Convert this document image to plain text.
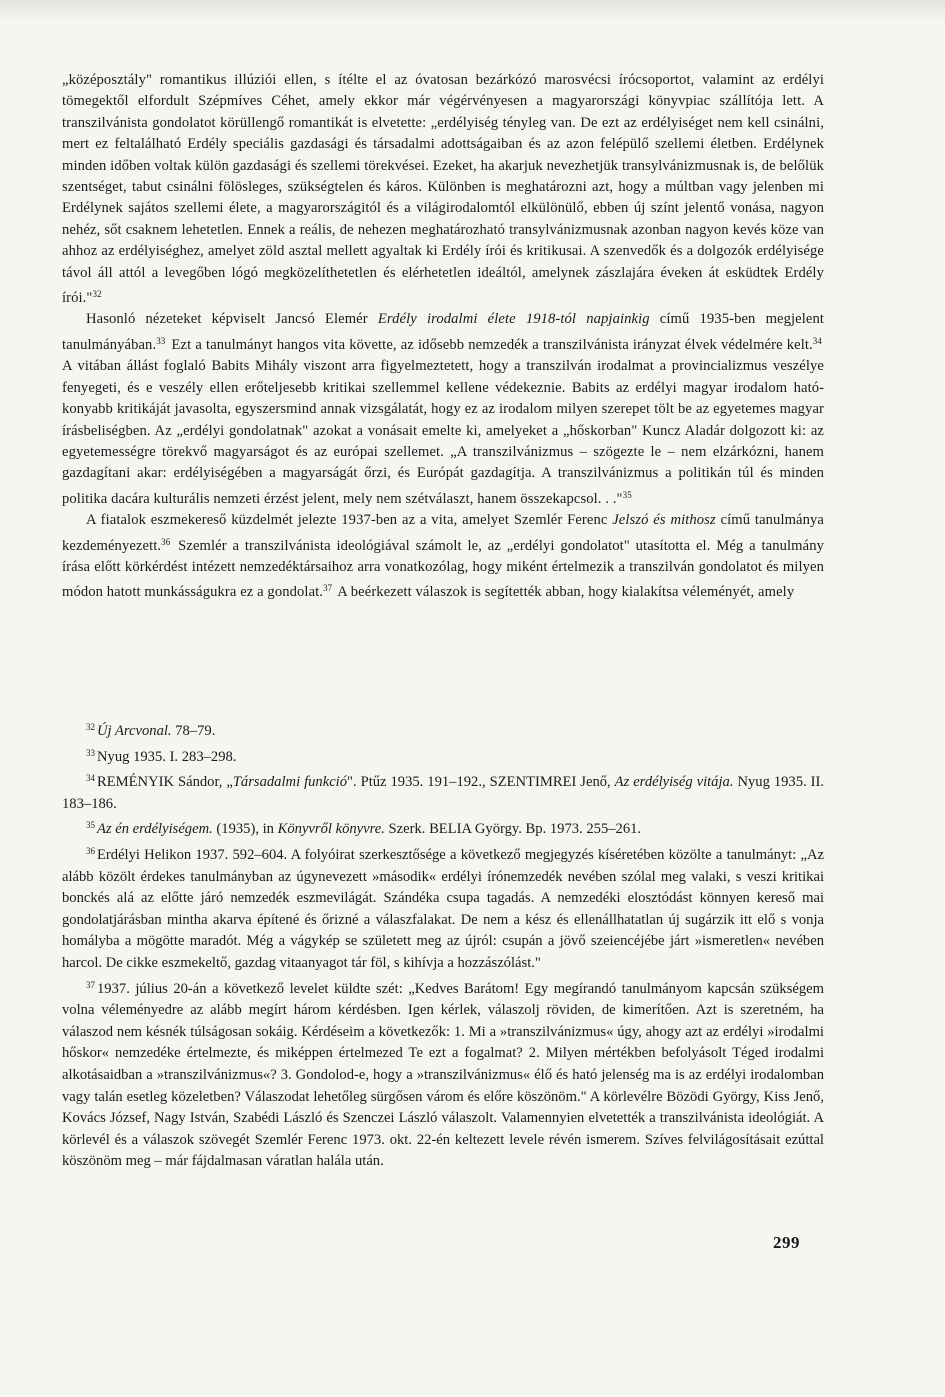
„középosztály" romantikus illúziói ellen, s ítélte el az óvatosan bezárkózó marosvécsi írócsoportot, valamint az erdélyi tömegektől elfordult Szépmíves Céhet, amely ekkor már végérvényesen a magyarországi könyvpiac szállítója lett. A transzilvánista gondolatot körüllengő romantikát is elvetette: „erdélyiség tényleg van. De ezt az erdélyiséget nem kell csinálni, mert ez feltalálható Erdély speciális gazdasági és társadalmi adottságaiban és az azon felépülő szellemi életben. Erdélynek minden időben voltak külön gazdasági és szellemi törekvései. Ezeket, ha akarjuk nevezhetjük transylvánizmusnak is, de belőlük szentséget, tabut csinálni fölösleges, szükségtelen és káros. Különben is meghatározni azt, hogy a múltban vagy jelenben mi Erdélynek sajátos szellemi élete, a magyarországitól és a világirodalomtól elkülönülő, ebben új színt jelentő vonása, nagyon nehéz, sőt csaknem lehetetlen. Ennek a reális, de nehezen meghatározható transylvánizmusnak azonban nagyon kevés köze van ahhoz az erdélyiséghez, amelyet zöld asztal mellett agyaltak ki Erdély írói és kritikusai. A szenvedők és a dolgozók erdélyisége távol áll attól a levegőben lógó megközelíthetetlen és elérhetetlen ideáltól, amelynek zászlajára éveken át esküdtek Erdély írói."$^{32}$

Hasonló nézeteket képviselt Jancsó Elemér Erdély irodalmi élete 1918-tól napjainkig című 1935-ben megjelent tanulmányában.$^{33}$ Ezt a tanulmányt hangos vita követte, az idősebb nemzedék a transzilvánista irányzat élvek védelmére kelt.$^{34}$ A vitában állást foglaló Babits Mihály viszont arra figyelmeztetett, hogy a transzilván irodalmat a provincializmus veszélye fenyegeti, és e veszély ellen erőteljesebb kritikai szellemmel kellene védekeznie. Babits az erdélyi magyar irodalom hatókonyabb kritikáját javasolta, egyszersmind annak vizsgálatát, hogy ez az irodalom milyen szerepet tölt be az egyetemes magyar írásbeliségben. Az „erdélyi gondolatnak" azokat a vonásait emelte ki, amelyeket a „hőskorban" Kuncz Aladár dolgozott ki: az egyetemességre törekvő magyarságot és az európai szellemet. „A transzilvánizmus – szögezte le – nem elzárkózni, hanem gazdagítani akar: erdélyiségében a magyarságát őrzi, és Európát gazdagítja. A transzilvánizmus a politikán túl és minden politika dacára kulturális nemzeti érzést jelent, mely nem szétválaszt, hanem összekapcsol. . ."$^{35}$

A fiatalok eszmekereső küzdelmét jelezte 1937-ben az a vita, amelyet Szemlér Ferenc Jelszó és mithosz című tanulmánya kezdeményezett.$^{36}$ Szemlér a transzilvánista ideológiával számolt le, az „erdélyi gondolatot" utasította el. Még a tanulmány írása előtt körkérdést intézett nemzedéktársaihoz arra vonatkozólag, hogy miként értelmezik a transzilván gondolatot és milyen módon hatott munkásságukra ez a gondolat.$^{37}$ A beérkezett válaszok is segítették abban, hogy kialakítsa véleményét, amely

$^{32}$ Új Arcvonal. 78–79.

$^{33}$ Nyug 1935. I. 283–298.

$^{34}$ REMÉNYIK Sándor, „Társadalmi funkció". Ptűz 1935. 191–192., SZENTIMREI Jenő, Az erdélyiség vitája. Nyug 1935. II. 183–186.

$^{35}$ Az én erdélyiségem. (1935), in Könyvről könyvre. Szerk. BELIA György. Bp. 1973. 255–261.

$^{36}$ Erdélyi Helikon 1937. 592–604. A folyóirat szerkesztősége a következő megjegyzés kíséretében közölte a tanulmányt: „Az alább közölt érdekes tanulmányban az úgynevezett »második« erdélyi írónemzedék nevében szólal meg valaki, s veszi kritikai bonckés alá az előtte járó nemzedék eszmevilágát. Szándéka csupa tagadás. A nemzedéki elosztódást könnyen kereső mai gondolatjárásban mintha akarva építené és őrizné a válaszfalakat. De nem a kész és ellenállhatatlan új sugárzik itt elő s vonja homályba a mögötte maradót. Még a vágykép se született meg az újról: csupán a jövő szeiencéjébe járt »ismeretlen« nevében harcol. De cikke eszmekeltő, gazdag vitaanyagot tár föl, s kihívja a hozzászólást."

$^{37}$ 1937. július 20-án a következő levelet küldte szét: „Kedves Barátom! Egy megírandó tanulmányom kapcsán szükségem volna véleményedre az alább megírt három kérdésben. Igen kérlek, válaszolj röviden, de kimerítően. Azt is szeretném, ha válaszod nem késnék túlságosan sokáig. Kérdéseim a következők: 1. Mi a »transzilvánizmus« úgy, ahogy azt az erdélyi »irodalmi hőskor« nemzedéke értelmezte, és miképpen értelmezed Te ezt a fogalmat? 2. Milyen mértékben befolyásolt Téged irodalmi alkotásaidban a »transzilvánizmus«? 3. Gondolod-e, hogy a »transzilvánizmus« élő és ható jelenség ma is az erdélyi irodalomban vagy talán esetleg közeletben? Válaszodat lehetőleg sürgősen várom és előre köszönöm." A körlevélre Bözödi György, Kiss Jenő, Kovács József, Nagy István, Szabédi László és Szenczei László válaszolt. Valamennyien elvetették a transzilvánista ideológiát. A körlevél és a válaszok szövegét Szemlér Ferenc 1973. okt. 22-én keltezett levele révén ismerem. Szíves felvilágosításait ezúttal köszönöm meg – már fájdalmasan váratlan halála után.

299
